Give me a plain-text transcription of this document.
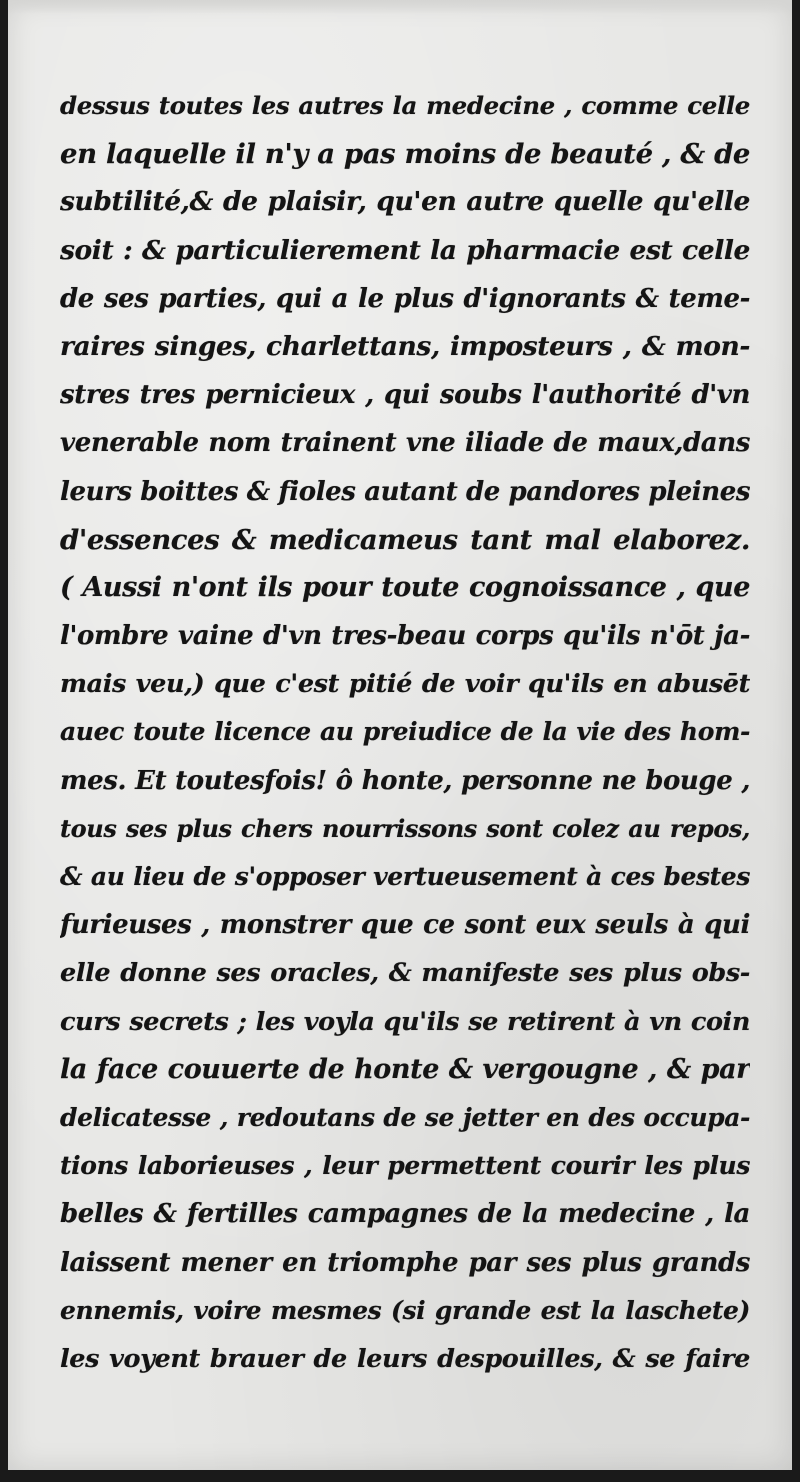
dessus toutes les autres la medecine , comme celle
en laquelle il n'y a pas moins de beauté , & de
subtilité,& de plaisir, qu'en autre quelle qu'elle
soit : & particulierement la pharmacie est celle
de ses parties, qui a le plus d'ignorants & teme-
raires singes, charlettans, imposteurs , & mon-
stres tres pernicieux , qui soubs l'authorité d'vn
venerable nom trainent vne iliade de maux,dans
leurs boittes & fioles autant de pandores pleines
d'essences & medicameus tant mal elaborez.
( Aussi n'ont ils pour toute cognoissance , que
l'ombre vaine d'vn tres-beau corps qu'ils n'ōt ja-
mais veu,) que c'est pitié de voir qu'ils en abusēt
auec toute licence au preiudice de la vie des hom-
mes. Et toutesfois! ô honte, personne ne bouge ,
tous ses plus chers nourrissons sont colez au repos,
& au lieu de s'opposer vertueusement à ces bestes
furieuses , monstrer que ce sont eux seuls à qui
elle donne ses oracles, & manifeste ses plus obs-
curs secrets ; les voyla qu'ils se retirent à vn coin
la face couuerte de honte & vergougne , & par
delicatesse , redoutans de se jetter en des occupa-
tions laborieuses , leur permettent courir les plus
belles & fertilles campagnes de la medecine , la
laissent mener en triomphe par ses plus grands
ennemis, voire mesmes (si grande est la laschete)
les voyent brauer de leurs despouilles, & se faire
